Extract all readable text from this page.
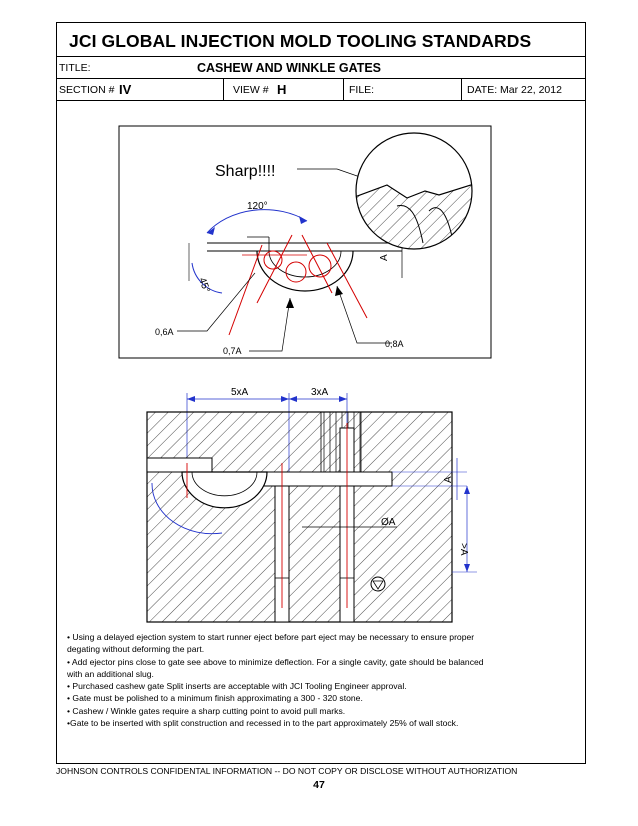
JCI GLOBAL INJECTION MOLD TOOLING STANDARDS
TITLE:	CASHEW AND WINKLE GATES
SECTION # IV	VIEW # H	FILE:	DATE: Mar 22, 2012
Sharp!!!!
120°
45°
A
0,6A
0,7A
0,8A
5xA	3xA
A
ØA
>A
• Using a delayed ejection system to start runner eject before part eject may be necessary to ensure proper
degating without deforming the part.
• Add ejector pins close to gate see above to minimize deflection. For a single cavity, gate should be balanced
with an additional slug.
• Purchased cashew gate Split inserts are acceptable with JCI Tooling Engineer approval.
• Gate must be polished to a minimum finish approximating a 300 - 320 stone.
• Cashew / Winkle gates require a sharp cutting point to avoid pull marks.
•Gate to be inserted with split construction and recessed in to the part approximately 25% of wall stock.
JOHNSON CONTROLS CONFIDENTAL INFORMATION -- DO NOT COPY OR DISCLOSE WITHOUT AUTHORIZATION
47
